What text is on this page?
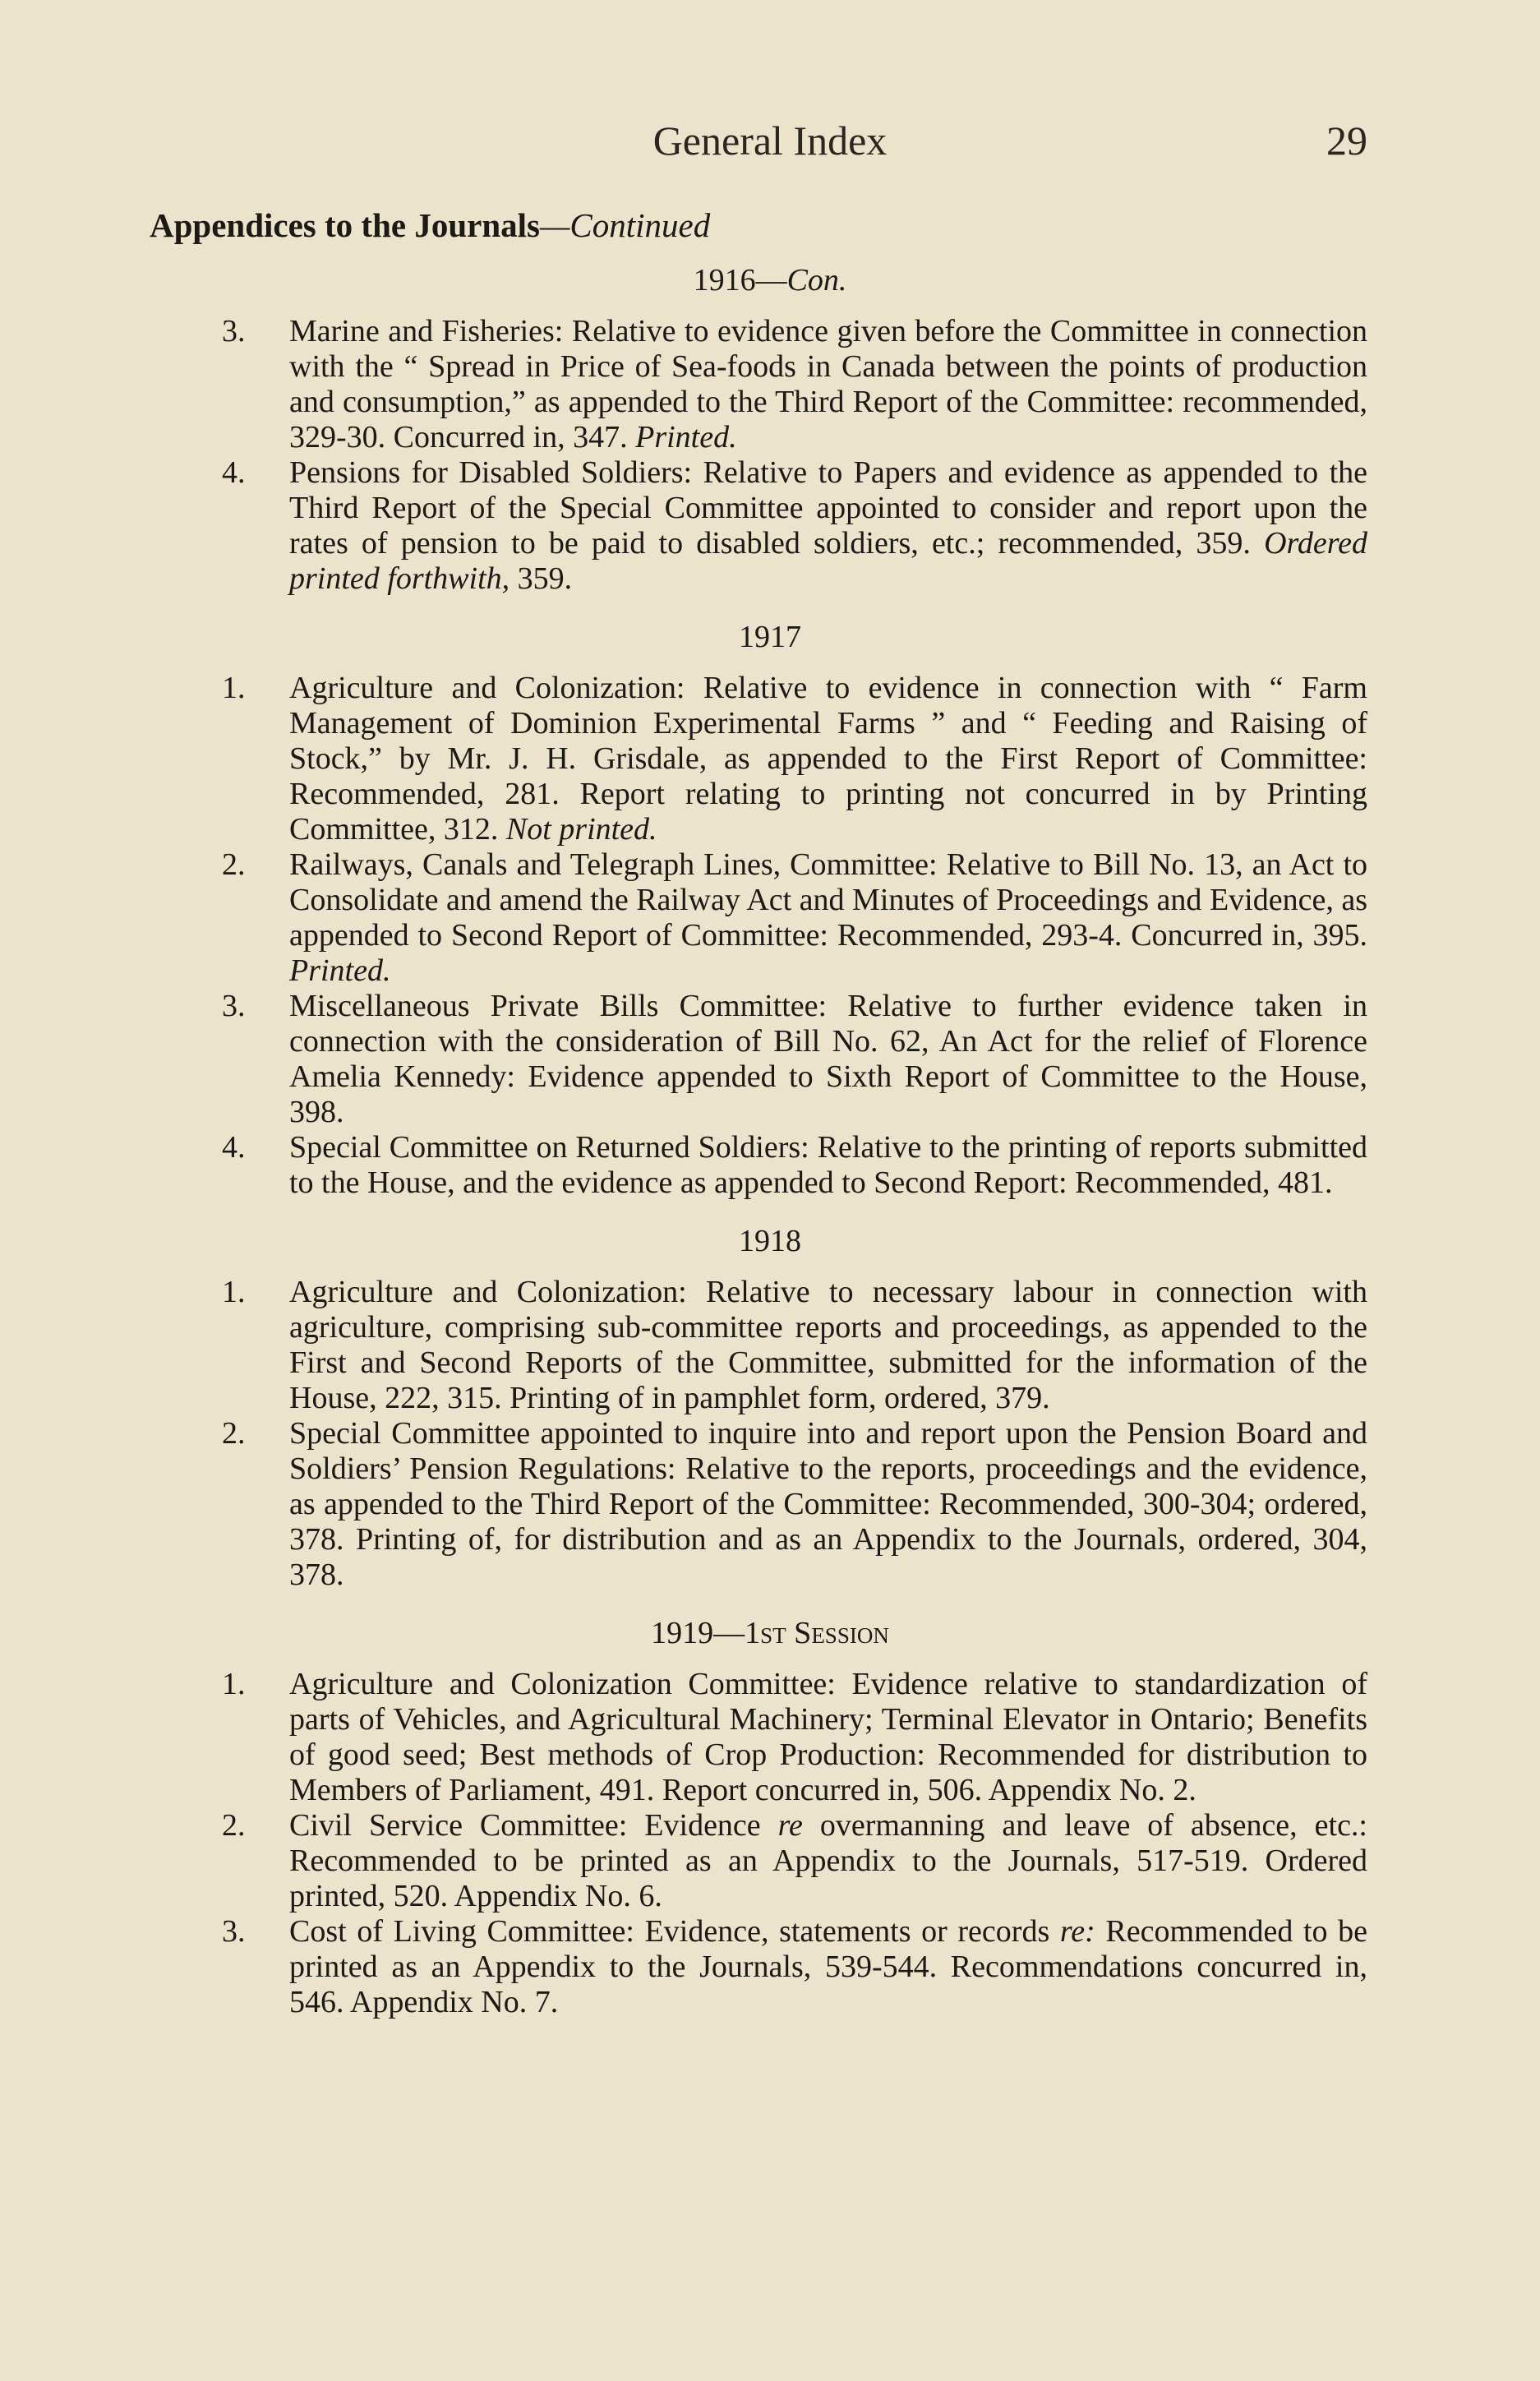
General Index	29
Appendices to the Journals—Continued
1916—Con.

3. Marine and Fisheries: Relative to evidence given before the Committee in connection with the “ Spread in Price of Sea-foods in Canada between the points of production and consumption,” as appended to the Third Report of the Committee: recommended, 329-30. Concurred in, 347. Printed.

4. Pensions for Disabled Soldiers: Relative to Papers and evidence as appended to the Third Report of the Special Committee appointed to consider and report upon the rates of pension to be paid to disabled soldiers, etc.; recommended, 359. Ordered printed forthwith, 359.

1917

1. Agriculture and Colonization: Relative to evidence in connection with “ Farm Management of Dominion Experimental Farms ” and “ Feeding and Raising of Stock,” by Mr. J. H. Grisdale, as appended to the First Report of Committee: Recommended, 281. Report relating to printing not concurred in by Printing Committee, 312. Not printed.

2. Railways, Canals and Telegraph Lines, Committee: Relative to Bill No. 13, an Act to Consolidate and amend the Railway Act and Minutes of Proceedings and Evidence, as appended to Second Report of Committee: Recommended, 293-4. Concurred in, 395. Printed.

3. Miscellaneous Private Bills Committee: Relative to further evidence taken in connection with the consideration of Bill No. 62, An Act for the relief of Florence Amelia Kennedy: Evidence appended to Sixth Report of Committee to the House, 398.

4. Special Committee on Returned Soldiers: Relative to the printing of reports submitted to the House, and the evidence as appended to Second Report: Recommended, 481.

1918

1. Agriculture and Colonization: Relative to necessary labour in connection with agriculture, comprising sub-committee reports and proceedings, as appended to the First and Second Reports of the Committee, submitted for the information of the House, 222, 315. Printing of in pamphlet form, ordered, 379.

2. Special Committee appointed to inquire into and report upon the Pension Board and Soldiers’ Pension Regulations: Relative to the reports, proceedings and the evidence, as appended to the Third Report of the Committee: Recommended, 300-304; ordered, 378. Printing of, for distribution and as an Appendix to the Journals, ordered, 304, 378.

1919—1st Session

1. Agriculture and Colonization Committee: Evidence relative to standardization of parts of Vehicles, and Agricultural Machinery; Terminal Elevator in Ontario; Benefits of good seed; Best methods of Crop Production: Recommended for distribution to Members of Parliament, 491. Report concurred in, 506. Appendix No. 2.

2. Civil Service Committee: Evidence re overmanning and leave of absence, etc.: Recommended to be printed as an Appendix to the Journals, 517-519. Ordered printed, 520. Appendix No. 6.

3. Cost of Living Committee: Evidence, statements or records re: Recommended to be printed as an Appendix to the Journals, 539-544. Recommendations concurred in, 546. Appendix No. 7.
